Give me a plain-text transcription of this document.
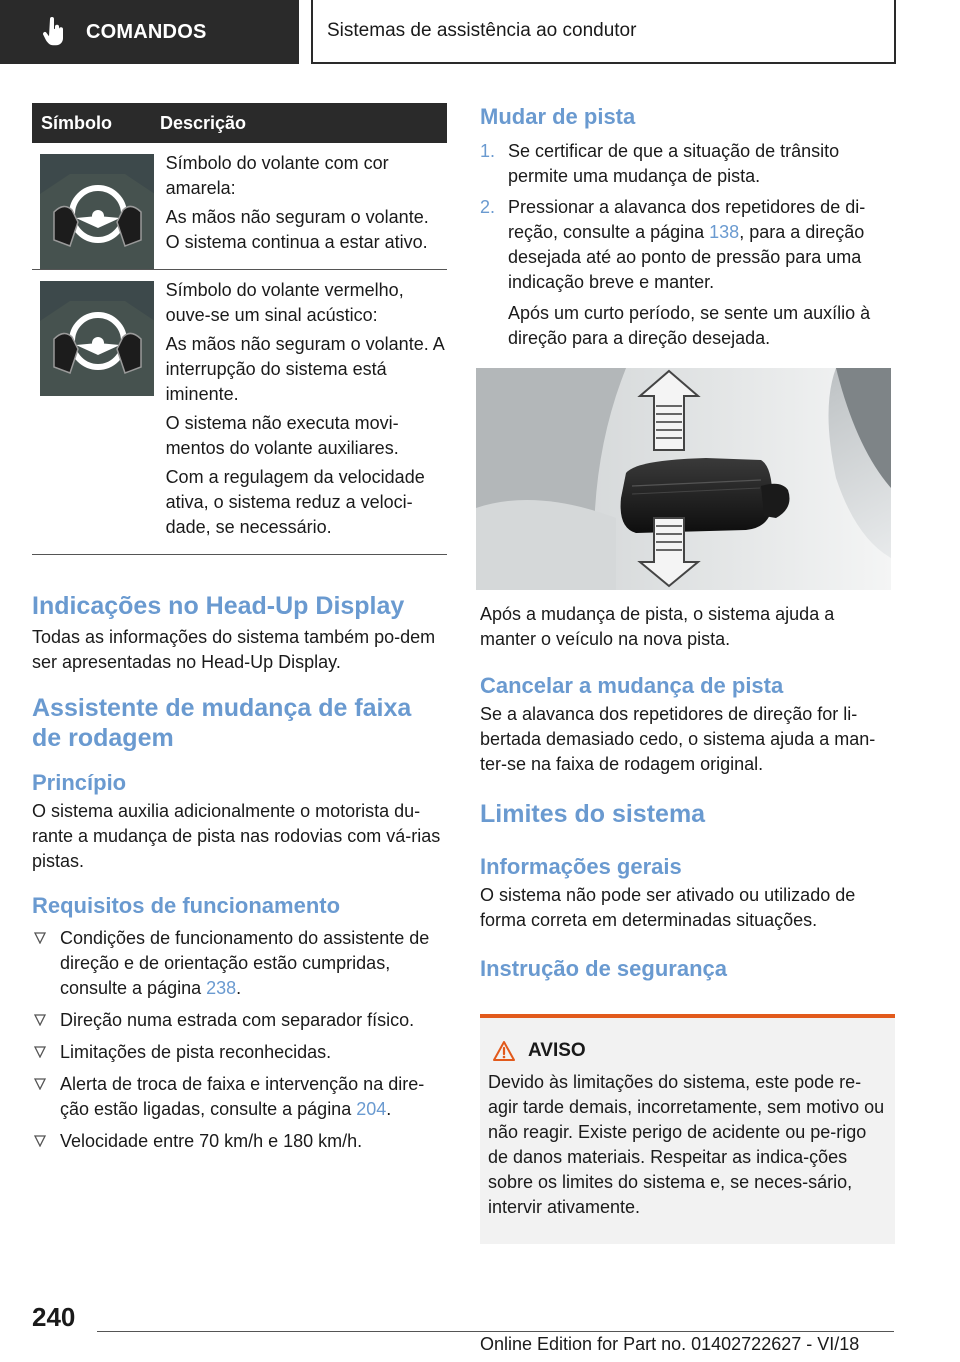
COMANDOS	Sistemas de assistência ao condutor
Símbolo	Descrição

Símbolo do volante com cor amarela:

As mãos não seguram o volante. O sistema continua a estar ativo.

Símbolo do volante vermelho, ouve-se um sinal acústico:

As mãos não seguram o volante. A interrupção do sistema está iminente.

O sistema não executa movi-mentos do volante auxiliares.

Com a regulagem da velocidade ativa, o sistema reduz a veloci-dade, se necessário.

Indicações no Head-Up Display
Todas as informações do sistema também po-dem ser apresentadas no Head-Up Display.
Assistente de mudança de faixa de rodagem
Princípio
O sistema auxilia adicionalmente o motorista du-rante a mudança de pista nas rodovias com vá-rias pistas.
Requisitos de funcionamento
Condições de funcionamento do assistente de direção e de orientação estão cumpridas, consulte a página 238.
Direção numa estrada com separador físico.
Limitações de pista reconhecidas.
Alerta de troca de faixa e intervenção na dire-ção estão ligadas, consulte a página 204.
Velocidade entre 70 km/h e 180 km/h.
Mudar de pista
1. Se certificar de que a situação de trânsito permite uma mudança de pista.
2. Pressionar a alavanca dos repetidores de di-reção, consulte a página 138, para a direção desejada até ao ponto de pressão para uma indicação breve e manter.
Após um curto período, se sente um auxílio à direção para a direção desejada.
Após a mudança de pista, o sistema ajuda a manter o veículo na nova pista.
Cancelar a mudança de pista
Se a alavanca dos repetidores de direção for li-bertada demasiado cedo, o sistema ajuda a man-ter-se na faixa de rodagem original.
Limites do sistema
Informações gerais
O sistema não pode ser ativado ou utilizado de forma correta em determinadas situações.
Instrução de segurança
AVISO
Devido às limitações do sistema, este pode re-agir tarde demais, incorretamente, sem motivo ou não reagir. Existe perigo de acidente ou pe-rigo de danos materiais. Respeitar as indica-ções sobre os limites do sistema e, se neces-sário, intervir ativamente.
240
Online Edition for Part no. 01402722627 - VI/18
